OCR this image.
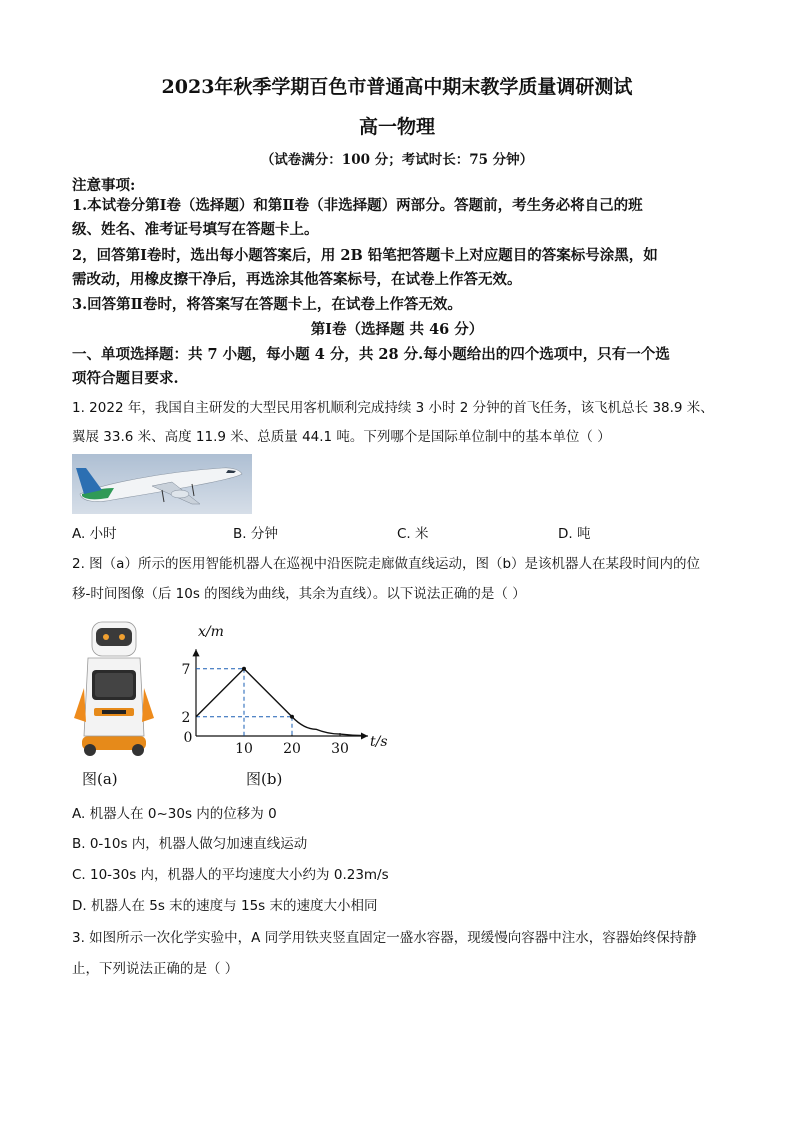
2023年秋季学期百色市普通高中期末教学质量调研测试
高一物理
（试卷满分：100 分；考试时长：75 分钟）
注意事项:
1.本试卷分第Ⅰ卷（选择题）和第Ⅱ卷（非选择题）两部分。答题前，考生务必将自己的班
级、姓名、准考证号填写在答题卡上。
2，回答第Ⅰ卷时，选出每小题答案后，用 2B 铅笔把答题卡上对应题目的答案标号涂黑，如
需改动，用橡皮擦干净后，再选涂其他答案标号，在试卷上作答无效。
3.回答第Ⅱ卷时，将答案写在答题卡上，在试卷上作答无效。
第Ⅰ卷（选择题 共 46 分）
一、单项选择题：共 7 小题，每小题 4 分，共 28 分.每小题给出的四个选项中，只有一个选
项符合题目要求.
1. 2022 年，我国自主研发的大型民用客机顺利完成持续 3 小时 2 分钟的首飞任务，该飞机总长 38.9 米、
翼展 33.6 米、高度 11.9 米、总质量 44.1 吨。下列哪个是国际单位制中的基本单位（ ）
A. 小时	B. 分钟	C. 米	D. 吨
2. 图（a）所示的医用智能机器人在巡视中沿医院走廊做直线运动，图（b）是该机器人在某段时间内的位
移-时间图像（后 10s 的图线为曲线，其余为直线）。以下说法正确的是（ ）
0
10 20 30
2
7
x/m
t/s
图(a)	图(b)
A. 机器人在 0~30s 内的位移为 0
B. 0-10s 内，机器人做匀加速直线运动
C. 10-30s 内，机器人的平均速度大小约为 0.23m/s
D. 机器人在 5s 末的速度与 15s 末的速度大小相同
3. 如图所示一次化学实验中，A 同学用铁夹竖直固定一盛水容器，现缓慢向容器中注水，容器始终保持静
止，下列说法正确的是（ ）
